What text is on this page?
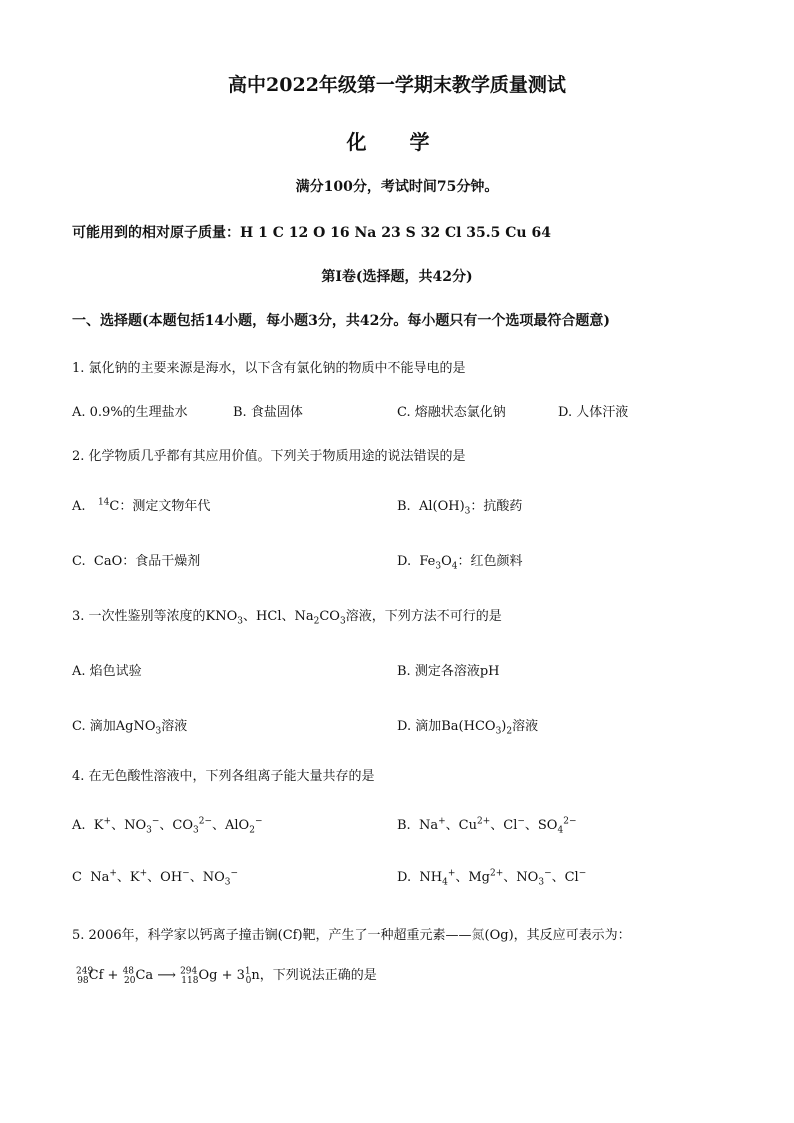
高中2022年级第一学期末教学质量测试
化 学
满分100分，考试时间75分钟。
可能用到的相对原子质量：H 1 C 12 O 16 Na 23 S 32 Cl 35.5 Cu 64
第I卷(选择题，共42分)
一、选择题(本题包括14小题，每小题3分，共42分。每小题只有一个选项最符合题意)
1. 氯化钠的主要来源是海水，以下含有氯化钠的物质中不能导电的是
A. 0.9%的生理盐水	B. 食盐固体	C. 熔融状态氯化钠	D. 人体汗液
2. 化学物质几乎都有其应用价值。下列关于物质用途的说法错误的是
A. $^{14}$C：测定文物年代	B. $Al(OH)_3$：抗酸药
C. CaO：食品干燥剂	D. $Fe_3O_4$：红色颜料
3. 一次性鉴别等浓度的$KNO_3$、HCl、$Na_2CO_3$溶液，下列方法不可行的是
A. 焰色试验	B. 测定各溶液pH
C. 滴加AgNO$_3$溶液	D. 滴加$Ba(HCO_3)_2$溶液
4. 在无色酸性溶液中，下列各组离子能大量共存的是
A. K+、$NO_3^-$、$CO_3^{2-}$、AlO$_2$−	B. Na+、$Cu^{2+}$、Cl−、$SO_4^{2-}$
C Na+、K+、OH−、$NO_3^-$	D. $NH_4^+$、$Mg^{2+}$、$NO_3^-$、Cl−
5. 2006年，科学家以钙离子撞击锎(Cf)靶，产生了一种超重元素——氮(Og)，其反应可表示为：
$^{249}_{98}$Cf + $^{48}_{20}$Ca ⟶ $^{294}_{118}Og + 3^1_0n$，下列说法正确的是
